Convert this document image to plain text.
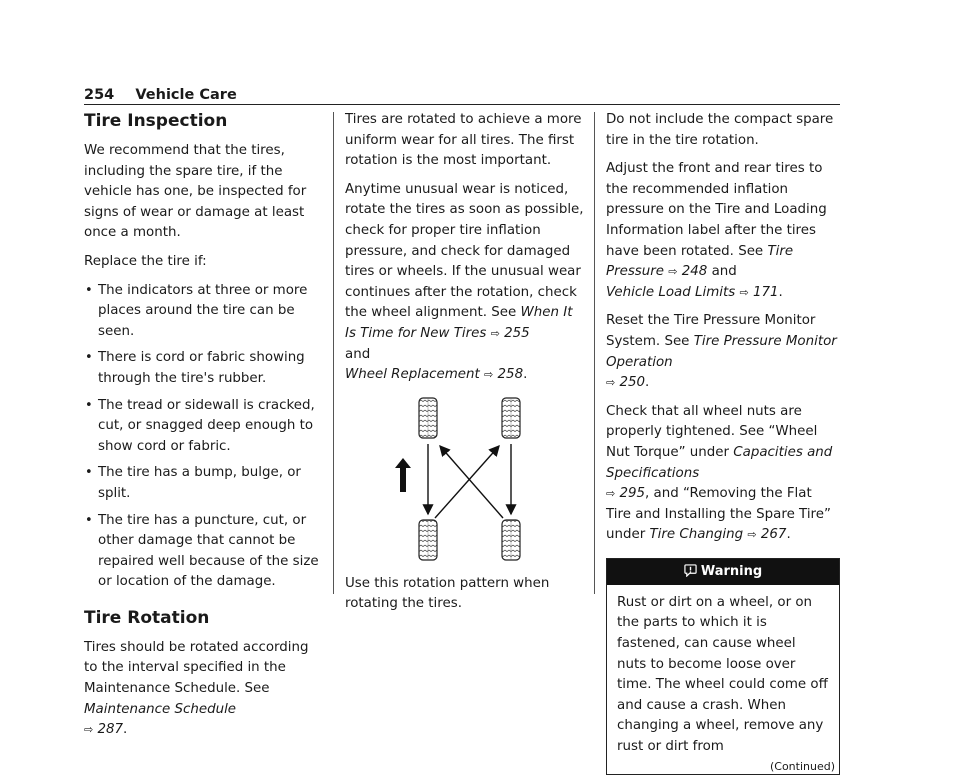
254 Vehicle Care
Tire Inspection

We recommend that the tires, including the spare tire, if the vehicle has one, be inspected for signs of wear or damage at least once a month.

Replace the tire if:

• The indicators at three or more places around the tire can be seen.
• There is cord or fabric showing through the tire's rubber.
• The tread or sidewall is cracked, cut, or snagged deep enough to show cord or fabric.
• The tire has a bump, bulge, or split.
• The tire has a puncture, cut, or other damage that cannot be repaired well because of the size or location of the damage.
Tire Rotation

Tires should be rotated according to the interval specified in the Maintenance Schedule. See Maintenance Schedule
⇨ 287.

Tires are rotated to achieve a more uniform wear for all tires. The first rotation is the most important.

Anytime unusual wear is noticed, rotate the tires as soon as possible, check for proper tire inflation pressure, and check for damaged tires or wheels. If the unusual wear continues after the rotation, check the wheel alignment. See When It Is Time for New Tires ⇨ 255
and
Wheel Replacement ⇨ 258.

Use this rotation pattern when rotating the tires.

Do not include the compact spare tire in the tire rotation.

Adjust the front and rear tires to the recommended inflation pressure on the Tire and Loading Information label after the tires have been rotated. See Tire Pressure ⇨ 248 and
Vehicle Load Limits ⇨ 171.

Reset the Tire Pressure Monitor System. See Tire Pressure Monitor Operation
⇨ 250.

Check that all wheel nuts are properly tightened. See “Wheel Nut Torque” under Capacities and Specifications
⇨ 295, and “Removing the Flat Tire and Installing the Spare Tire” under Tire Changing ⇨ 267.

Warning
Rust or dirt on a wheel, or on the parts to which it is fastened, can cause wheel nuts to become loose over time. The wheel could come off and cause a crash. When changing a wheel, remove any rust or dirt from
(Continued)
